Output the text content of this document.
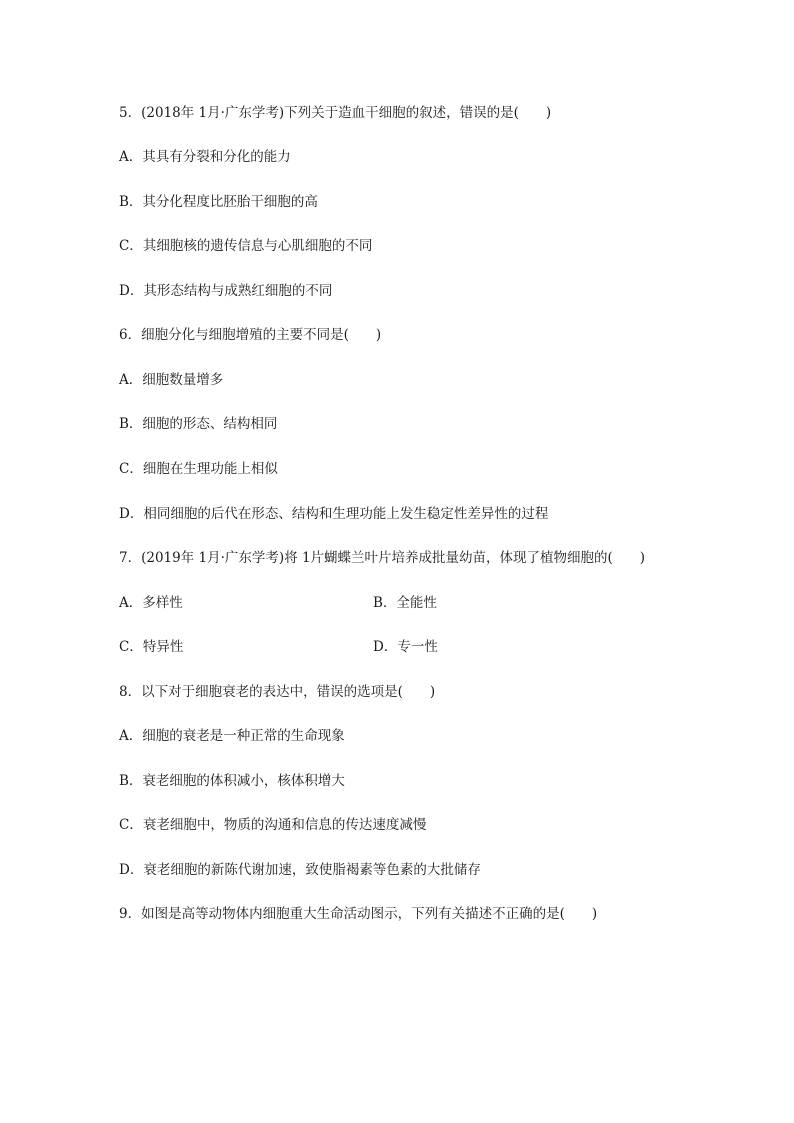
5．(2018年 1月·广东学考)下列关于造血干细胞的叙述，错误的是(　　)
A．其具有分裂和分化的能力
B．其分化程度比胚胎干细胞的高
C．其细胞核的遗传信息与心肌细胞的不同
D．其形态结构与成熟红细胞的不同
6．细胞分化与细胞增殖的主要不同是(　　)
A．细胞数量增多
B．细胞的形态、结构相同
C．细胞在生理功能上相似
D．相同细胞的后代在形态、结构和生理功能上发生稳定性差异性的过程
7．(2019年 1月·广东学考)将 1片蝴蝶兰叶片培养成批量幼苗，体现了植物细胞的(　　)
A．多样性	B．全能性
C．特异性	D．专一性
8．以下对于细胞衰老的表达中，错误的选项是(　　)
A．细胞的衰老是一种正常的生命现象
B．衰老细胞的体积减小，核体积增大
C．衰老细胞中，物质的沟通和信息的传达速度减慢
D．衰老细胞的新陈代谢加速，致使脂褐素等色素的大批储存
9．如图是高等动物体内细胞重大生命活动图示，下列有关描述不正确的是(　　)
